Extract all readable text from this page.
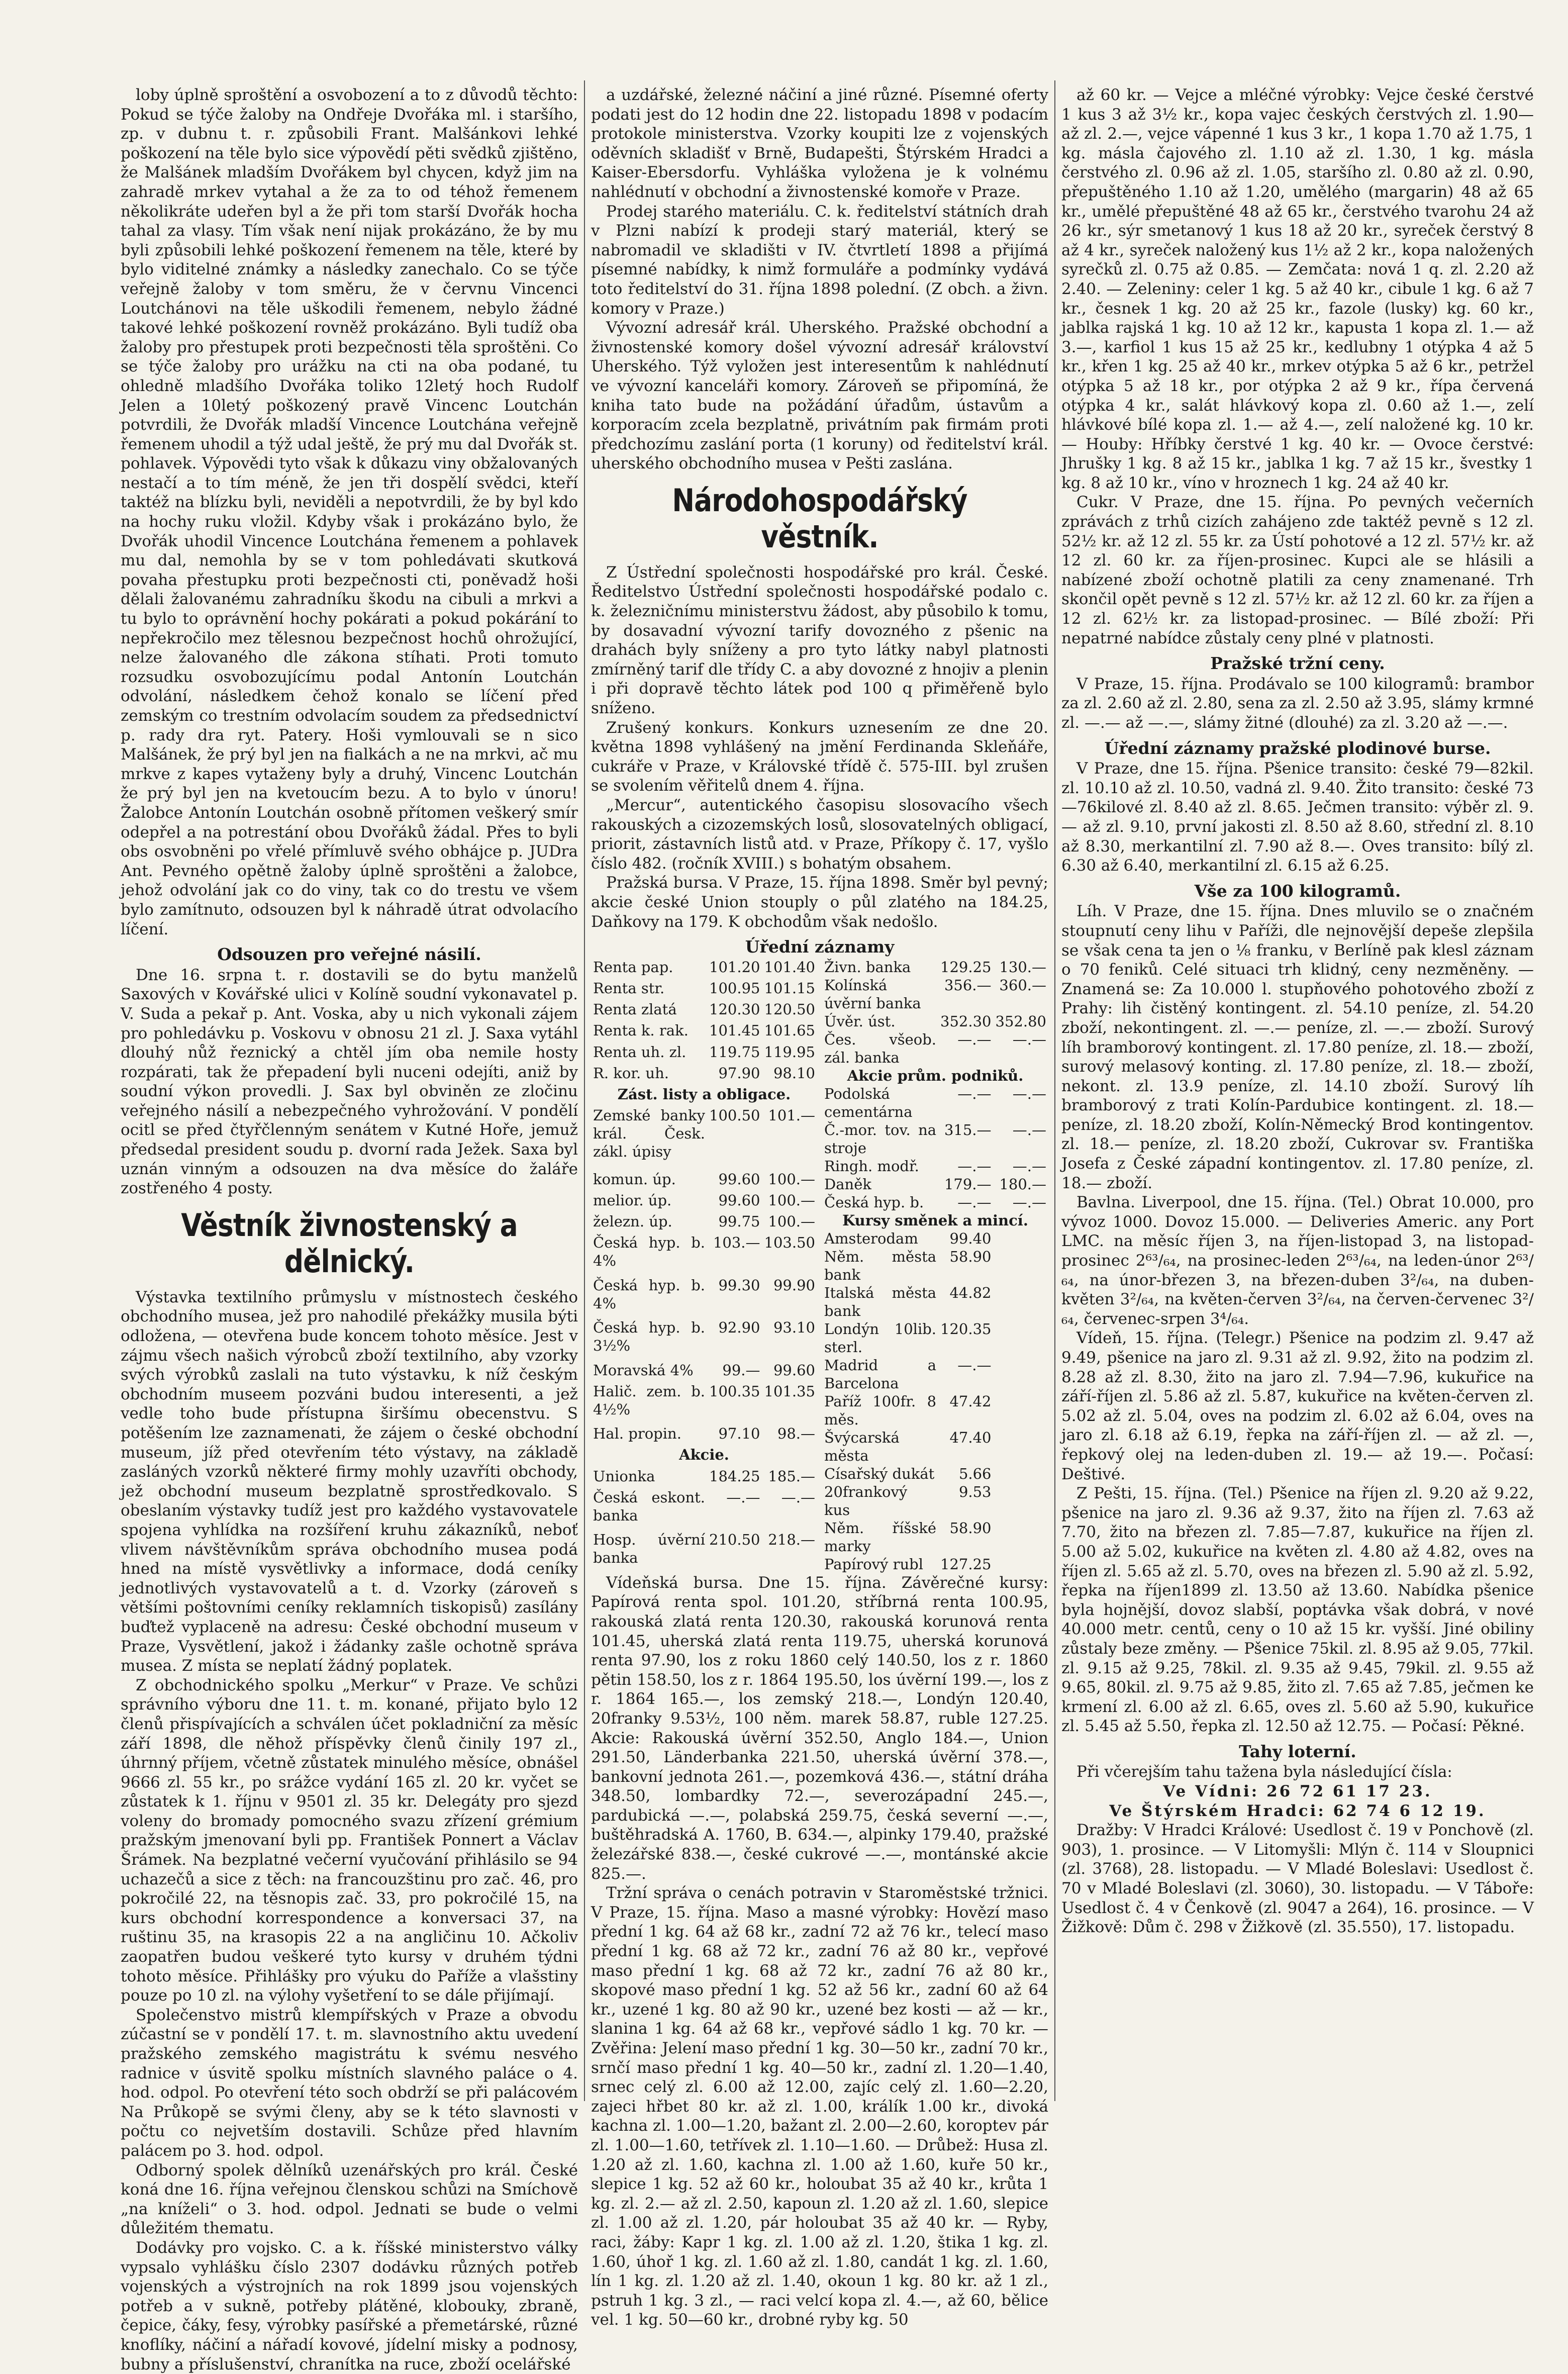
loby úplně sproštění a osvobození a to z důvodů těchto: Pokud se týče žaloby na Ondřeje Dvořáka ml. i staršího, zp. v dubnu t. r. způsobili Frant. Malšánkovi lehké poškození na těle bylo sice výpovědí pěti svědků zjištěno, že Malšánek mladším Dvořákem byl chycen, když jim na zahradě mrkev vytahal a že za to od téhož řemenem několikráte udeřen byl a že při tom starší Dvořák hocha tahal za vlasy. Tím však není nijak prokázáno, že by mu byli způsobili lehké poškození řemenem na těle, které by bylo viditelné známky a následky zanechalo. Co se týče veřejně žaloby v tom směru, že v červnu Vincenci Loutchánovi na těle uškodili řemenem, nebylo žádné takové lehké poškození rovněž prokázáno. Byli tudíž oba žaloby pro přestupek proti bezpečnosti těla sproštěni. Co se týče žaloby pro urážku na cti na oba podané, tu ohledně mladšího Dvořáka toliko 12letý hoch Rudolf Jelen a 10letý poškozený pravě Vincenc Loutchán potvrdili, že Dvořák mladší Vincence Loutchána veřejně řemenem uhodil a týž udal ještě, že prý mu dal Dvořák st. pohlavek. Výpovědi tyto však k důkazu viny obžalovaných nestačí a to tím méně, že jen tři dospělí svědci, kteří taktéž na blízku byli, neviděli a nepotvrdili, že by byl kdo na hochy ruku vložil. Kdyby však i prokázáno bylo, že Dvořák uhodil Vincence Loutchána řemenem a pohlavek mu dal, nemohla by se v tom pohledávati skutková povaha přestupku proti bezpečnosti cti, poněvadž hoši dělali žalovanému zahradníku škodu na cibuli a mrkvi a tu bylo to oprávnění hochy pokárati a pokud pokárání to nepřekročilo mez tělesnou bezpečnost hochů ohrožující, nelze žalovaného dle zákona stíhati. Proti tomuto rozsudku osvobozujícímu podal Antonín Loutchán odvolání, následkem čehož konalo se líčení před zemským co trestním odvolacím soudem za předsednictví p. rady dra ryt. Patery. Hoši vymlouvali se n sico Malšánek, že prý byl jen na fialkách a ne na mrkvi, ač mu mrkve z kapes vytaženy byly a druhý, Vincenc Loutchán že prý byl jen na kvetoucím bezu. A to bylo v únoru! Žalobce Antonín Loutchán osobně přítomen veškerý smír odepřel a na potrestání obou Dvořáků žádal. Přes to byli obs osvobněni po vřelé přímluvě svého obhájce p. JUDra Ant. Pevného opětně žaloby úplně sproštěni a žalobce, jehož odvolání jak co do viny, tak co do trestu ve všem bylo zamítnuto, odsouzen byl k náhradě útrat odvolacího líčení.

Odsouzen pro veřejné násilí.

Dne 16. srpna t. r. dostavili se do bytu manželů Saxových v Kovářské ulici v Kolíně soudní vykonavatel p. V. Suda a pekař p. Ant. Voska, aby u nich vykonali zájem pro pohledávku p. Voskovu v obnosu 21 zl. J. Saxa vytáhl dlouhý nůž řeznický a chtěl jím oba nemile hosty rozpárati, tak že přepadení byli nuceni odejíti, aniž by soudní výkon provedli. J. Sax byl obviněn ze zločinu veřejného násilí a nebezpečného vyhrožování. V pondělí ocitl se před čtyřčlenným senátem v Kutné Hoře, jemuž předsedal president soudu p. dvorní rada Ježek. Saxa byl uznán vinným a odsouzen na dva měsíce do žaláře zostřeného 4 posty.

Věstník živnostenský a dělnický.

Výstavka textilního průmyslu v místnostech českého obchodního musea, jež pro nahodilé překážky musila býti odložena, — otevřena bude koncem tohoto měsíce. Jest v zájmu všech našich výrobců zboží textilního, aby vzorky svých výrobků zaslali na tuto výstavku, k níž českým obchodním museem pozváni budou interesenti, a jež vedle toho bude přístupna širšímu obecenstvu. S potěšením lze zaznamenati, že zájem o české obchodní museum, jíž před otevřením této výstavy, na základě zasláných vzorků některé firmy mohly uzavříti obchody, jež obchodní museum bezplatně sprostředkovalo. S obeslaním výstavky tudíž jest pro každého vystavovatele spojena vyhlídka na rozšíření kruhu zákazníků, neboť vlivem návštěvníkům správa obchodního musea podá hned na místě vysvětlivky a informace, dodá ceníky jednotlivých vystavovatelů a t. d. Vzorky (zároveň s většími poštovními ceníky reklamních tiskopisů) zasílány buďtež vyplaceně na adresu: České obchodní museum v Praze, Vysvětlení, jakož i žádanky zašle ochotně správa musea. Z místa se neplatí žádný poplatek.

Z obchodnického spolku „Merkur“ v Praze. Ve schůzi správního výboru dne 11. t. m. konané, přijato bylo 12 členů přispívajících a schválen účet pokladniční za měsíc září 1898, dle něhož příspěvky členů činily 197 zl., úhrnný příjem, včetně zůstatek minulého měsíce, obnášel 9666 zl. 55 kr., po srážce vydání 165 zl. 20 kr. vyčet se zůstatek k 1. říjnu v 9501 zl. 35 kr. Delegáty pro sjezd voleny do bromady pomocného svazu zřízení grémium pražským jmenovaní byli pp. František Ponnert a Václav Šrámek. Na bezplatné večerní vyučování přihlásilo se 94 uchazečů a sice z těch: na francouzštinu pro zač. 46, pro pokročilé 22, na těsnopis zač. 33, pro pokročilé 15, na kurs obchodní korrespondence a konversaci 37, na ruštinu 35, na krasopis 22 a na angličinu 10. Ačkoliv zaopatřen budou veškeré tyto kursy v druhém týdni tohoto měsíce. Přihlášky pro výuku do Paříže a vlašstiny pouze po 10 zl. na výlohy vyšetření to se dále přijímají.

Společenstvo mistrů klempířských v Praze a obvodu zúčastní se v pondělí 17. t. m. slavnostního aktu uvedení pražského zemského magistrátu k svému nesvého radnice v úsvitě spolku místních slavného paláce o 4. hod. odpol. Po otevření této soch obdrží se při palácovém Na Průkopě se svými členy, aby se k této slavnosti v počtu co nejvetším dostavili. Schůze před hlavním palácem po 3. hod. odpol.

Odborný spolek dělníků uzenářských pro král. České koná dne 16. října veřejnou členskou schůzi na Smíchově „na kníželi“ o 3. hod. odpol. Jednati se bude o velmi důležitém thematu.

Dodávky pro vojsko. C. a k. říšské ministerstvo války vypsalo vyhlášku číslo 2307 dodávku různých potřeb vojenských a výstrojních na rok 1899 jsou vojenských potřeb a v sukně, potřeby plátěné, klobouky, zbraně, čepice, čáky, fesy, výrobky pasířské a přemetárské, různé knoflíky, náčiní a nářadí kovové, jídelní misky a podnosy, bubny a příslušenství, chranítka na ruce, zboží ocelářské

a uzdářské, železné náčiní a jiné různé. Písemné oferty podati jest do 12 hodin dne 22. listopadu 1898 v podacím protokole ministerstva. Vzorky koupiti lze z vojenských oděvních skladišť v Brně, Budapešti, Štýrském Hradci a Kaiser-Ebersdorfu. Vyhláška vyložena je k volnému nahlédnutí v obchodní a živnostenské komoře v Praze.

Prodej starého materiálu. C. k. ředitelství státních drah v Plzni nabízí k prodeji starý materiál, který se nabromadil ve skladišti v IV. čtvrtletí 1898 a přijímá písemné nabídky, k nimž formuláře a podmínky vydává toto ředitelství do 31. října 1898 polední. (Z obch. a živn. komory v Praze.)

Vývozní adresář král. Uherského. Pražské obchodní a živnostenské komory došel vývozní adresář království Uherského. Týž vyložen jest interesentům k nahlédnutí ve vývozní kanceláři komory. Zároveň se připomíná, že kniha tato bude na požádání úřadům, ústavům a korporacím zcela bezplatně, privátním pak firmám proti předchozímu zaslání porta (1 koruny) od ředitelství král. uherského obchodního musea v Pešti zaslána.

Národohospodářský věstník.

Z Ústřední společnosti hospodářské pro král. České. Ředitelstvo Ústřední společnosti hospodářské podalo c. k. železničnímu ministerstvu žádost, aby působilo k tomu, by dosavadní vývozní tarify dovozného z pšenic na drahách byly sníženy a pro tyto látky nabyl platnosti zmírněný tarif dle třídy C. a aby dovozné z hnojiv a plenin i při dopravě těchto látek pod 100 q přiměřeně bylo sníženo.

Zrušený konkurs. Konkurs uznesením ze dne 20. května 1898 vyhlášený na jmění Ferdinanda Skleňáře, cukráře v Praze, v Královské třídě č. 575-III. byl zrušen se svolením věřitelů dnem 4. října.

„Mercur“, autentického časopisu slosovacího všech rakouských a cizozemských losů, slosovatelných obligací, priorit, zástavních listů atd. v Praze, Příkopy č. 17, vyšlo číslo 482. (ročník XVIII.) s bohatým obsahem.

Pražská bursa. V Praze, 15. října 1898. Směr byl pevný; akcie české Union stouply o půl zlatého na 184.25, Daňkovy na 179. K obchodům však nedošlo.

Úřední záznamy
Renta pap.	101.20	101.40
Renta str.	100.95	101.15
Renta zlatá	120.30	120.50
Renta k. rak.	101.45	101.65
Renta uh. zl.	119.75	119.95
R. kor. uh.	97.90	98.10
Zást. listy a obligace.		
Zemské banky král. Česk. zákl. úpisy	100.50	101.—
komun. úp.	99.60	100.—
melior. úp.	99.60	100.—
železn. úp.	99.75	100.—
Česká hyp. b. 4%	103.—	103.50
Česká hyp. b. 4%	99.30	99.90
Česká hyp. b. 3½%	92.90	93.10
Moravská 4%	99.—	99.60
Halič. zem. b. 4½%	100.35	101.35
Hal. propin.	97.10	98.—
Akcie.		
Unionka	184.25	185.—
Česká eskont. banka	—.—	—.—
Hosp. úvěrní banka	210.50	218.—
Živn. banka	129.25	130.—
Kolínská úvěrní banka	356.—	360.—
Úvěr. úst.	352.30	352.80
Čes. všeob. zál. banka	—.—	—.—
Akcie prům. podniků.		
Podolská cementárna	—.—	—.—
Č.-mor. tov. na stroje	315.—	—.—
Ringh. modř.	—.—	—.—
Daněk	179.—	180.—
Česká hyp. b.	—.—	—.—
Kursy směnek a mincí.		
Amsterodam	99.40	
Něm. města bank	58.90	
Italská města bank	44.82	
Londýn 10lib. sterl.	120.35	
Madrid a Barcelona	—.—	
Paříž 100fr. 8 měs.	47.42	
Švýcarská města	47.40	
Císařský dukát	5.66	
20frankový kus	9.53	
Něm. říšské marky	58.90	
Papírový rubl	127.25	

Vídeňská bursa. Dne 15. října. Závěrečné kursy: Papírová renta spol. 101.20, stříbrná renta 100.95, rakouská zlatá renta 120.30, rakouská korunová renta 101.45, uherská zlatá renta 119.75, uherská korunová renta 97.90, los z roku 1860 celý 140.50, los z r. 1860 pětin 158.50, los z r. 1864 195.50, los úvěrní 199.—, los z r. 1864 165.—, los zemský 218.—, Londýn 120.40, 20franky 9.53½, 100 něm. marek 58.87, ruble 127.25. Akcie: Rakouská úvěrní 352.50, Anglo 184.—, Union 291.50, Länderbanka 221.50, uherská úvěrní 378.—, bankovní jednota 261.—, pozemková 436.—, státní dráha 348.50, lombardky 72.—, severozápadní 245.—, pardubická —.—, polabská 259.75, česká severní —.—, buštěhradská A. 1760, B. 634.—, alpinky 179.40, pražské železářské 838.—, české cukrové —.—, montánské akcie 825.—.

Tržní správa o cenách potravin v Staroměstské tržnici. V Praze, 15. října. Maso a masné výrobky: Hovězí maso přední 1 kg. 64 až 68 kr., zadní 72 až 76 kr., telecí maso přední 1 kg. 68 až 72 kr., zadní 76 až 80 kr., vepřové maso přední 1 kg. 68 až 72 kr., zadní 76 až 80 kr., skopové maso přední 1 kg. 52 až 56 kr., zadní 60 až 64 kr., uzené 1 kg. 80 až 90 kr., uzené bez kosti — až — kr., slanina 1 kg. 64 až 68 kr., vepřové sádlo 1 kg. 70 kr. — Zvěřina: Jelení maso přední 1 kg. 30—50 kr., zadní 70 kr., srnčí maso přední 1 kg. 40—50 kr., zadní zl. 1.20—1.40, srnec celý zl. 6.00 až 12.00, zajíc celý zl. 1.60—2.20, zajeci hřbet 80 kr. až zl. 1.00, králík 1.00 kr., divoká kachna zl. 1.00—1.20, bažant zl. 2.00—2.60, koroptev pár zl. 1.00—1.60, tetřívek zl. 1.10—1.60. — Drůbež: Husa zl. 1.20 až zl. 1.60, kachna zl. 1.00 až 1.60, kuře 50 kr., slepice 1 kg. 52 až 60 kr., holoubat 35 až 40 kr., krůta 1 kg. zl. 2.— až zl. 2.50, kapoun zl. 1.20 až zl. 1.60, slepice zl. 1.00 až zl. 1.20, pár holoubat 35 až 40 kr. — Ryby, raci, žáby: Kapr 1 kg. zl. 1.00 až zl. 1.20, štika 1 kg. zl. 1.60, úhoř 1 kg. zl. 1.60 až zl. 1.80, candát 1 kg. zl. 1.60, lín 1 kg. zl. 1.20 až zl. 1.40, okoun 1 kg. 80 kr. až 1 zl., pstruh 1 kg. 3 zl., — raci velcí kopa zl. 4.—, až 60, bělice vel. 1 kg. 50—60 kr., drobné ryby kg. 50

až 60 kr. — Vejce a mléčné výrobky: Vejce české čerstvé 1 kus 3 až 3½ kr., kopa vajec českých čerstvých zl. 1.90— až zl. 2.—, vejce vápenné 1 kus 3 kr., 1 kopa 1.70 až 1.75, 1 kg. másla čajového zl. 1.10 až zl. 1.30, 1 kg. másla čerstvého zl. 0.96 až zl. 1.05, staršího zl. 0.80 až zl. 0.90, přepuštěného 1.10 až 1.20, umělého (margarin) 48 až 65 kr., umělé přepuštěné 48 až 65 kr., čerstvého tvarohu 24 až 26 kr., sýr smetanový 1 kus 18 až 20 kr., syreček čerstvý 8 až 4 kr., syreček naložený kus 1½ až 2 kr., kopa naložených syrečků zl. 0.75 až 0.85. — Zemčata: nová 1 q. zl. 2.20 až 2.40. — Zeleniny: celer 1 kg. 5 až 40 kr., cibule 1 kg. 6 až 7 kr., česnek 1 kg. 20 až 25 kr., fazole (lusky) kg. 60 kr., jablka rajská 1 kg. 10 až 12 kr., kapusta 1 kopa zl. 1.— až 3.—, karfiol 1 kus 15 až 25 kr., kedlubny 1 otýpka 4 až 5 kr., křen 1 kg. 25 až 40 kr., mrkev otýpka 5 až 6 kr., petržel otýpka 5 až 18 kr., por otýpka 2 až 9 kr., řípa červená otýpka 4 kr., salát hlávkový kopa zl. 0.60 až 1.—, zelí hlávkové bílé kopa zl. 1.— až 4.—, zelí naložené kg. 10 kr. — Houby: Hříbky čerstvé 1 kg. 40 kr. — Ovoce čerstvé: Jhrušky 1 kg. 8 až 15 kr., jablka 1 kg. 7 až 15 kr., švestky 1 kg. 8 až 10 kr., víno v hroznech 1 kg. 24 až 40 kr.

Cukr. V Praze, dne 15. října. Po pevných večerních zprávách z trhů cizích zahájeno zde taktéž pevně s 12 zl. 52½ kr. až 12 zl. 55 kr. za Ústí pohotové a 12 zl. 57½ kr. až 12 zl. 60 kr. za říjen-prosinec. Kupci ale se hlásili a nabízené zboží ochotně platili za ceny znamenané. Trh skončil opět pevně s 12 zl. 57½ kr. až 12 zl. 60 kr. za říjen a 12 zl. 62½ kr. za listopad-prosinec. — Bílé zboží: Při nepatrné nabídce zůstaly ceny plné v platnosti.

Pražské tržní ceny.

V Praze, 15. října. Prodávalo se 100 kilogramů: brambor za zl. 2.60 až zl. 2.80, sena za zl. 2.50 až 3.95, slámy krmné zl. —.— až —.—, slámy žitné (dlouhé) za zl. 3.20 až —.—.

Úřední záznamy pražské plodinové burse.

V Praze, dne 15. října. Pšenice transito: české 79—82kil. zl. 10.10 až zl. 10.50, vadná zl. 9.40. Žito transito: české 73—76kilové zl. 8.40 až zl. 8.65. Ječmen transito: výběr zl. 9.— až zl. 9.10, první jakosti zl. 8.50 až 8.60, střední zl. 8.10 až 8.30, merkantilní zl. 7.90 až 8.—. Oves transito: bílý zl. 6.30 až 6.40, merkantilní zl. 6.15 až 6.25.

Vše za 100 kilogramů.

Líh. V Praze, dne 15. října. Dnes mluvilo se o značném stoupnutí ceny lihu v Paříži, dle nejnovější depeše zlepšila se však cena ta jen o ⅛ franku, v Berlíně pak klesl záznam o 70 feniků. Celé situaci trh klidný, ceny nezměněny. — Znamená se: Za 10.000 l. stupňového pohotového zboží z Prahy: lih čistěný kontingent. zl. 54.10 peníze, zl. 54.20 zboží, nekontingent. zl. —.— peníze, zl. —.— zboží. Surový líh bramborový kontingent. zl. 17.80 peníze, zl. 18.— zboží, surový melasový konting. zl. 17.80 peníze, zl. 18.— zboží, nekont. zl. 13.9 peníze, zl. 14.10 zboží. Surový líh bramborový z trati Kolín-Pardubice kontingent. zl. 18.— peníze, zl. 18.20 zboží, Kolín-Německý Brod kontingentov. zl. 18.— peníze, zl. 18.20 zboží, Cukrovar sv. Františka Josefa z České západní kontingentov. zl. 17.80 peníze, zl. 18.— zboží.

Bavlna. Liverpool, dne 15. října. (Tel.) Obrat 10.000, pro vývoz 1000. Dovoz 15.000. — Deliveries Americ. any Port LMC. na měsíc říjen 3, na říjen-listopad 3, na listopad-prosinec 2⁶³/₆₄, na prosinec-leden 2⁶³/₆₄, na leden-únor 2⁶³/₆₄, na únor-březen 3, na březen-duben 3²/₆₄, na duben-květen 3²/₆₄, na květen-červen 3²/₆₄, na červen-červenec 3²/₆₄, červenec-srpen 3⁴/₆₄.

Vídeň, 15. října. (Telegr.) Pšenice na podzim zl. 9.47 až 9.49, pšenice na jaro zl. 9.31 až zl. 9.92, žito na podzim zl. 8.28 až zl. 8.30, žito na jaro zl. 7.94—7.96, kukuřice na září-říjen zl. 5.86 až zl. 5.87, kukuřice na květen-červen zl. 5.02 až zl. 5.04, oves na podzim zl. 6.02 až 6.04, oves na jaro zl. 6.18 až 6.19, řepka na září-říjen zl. — až zl. —, řepkový olej na leden-duben zl. 19.— až 19.—. Počasí: Deštivé.

Z Pešti, 15. října. (Tel.) Pšenice na říjen zl. 9.20 až 9.22, pšenice na jaro zl. 9.36 až 9.37, žito na říjen zl. 7.63 až 7.70, žito na březen zl. 7.85—7.87, kukuřice na říjen zl. 5.00 až 5.02, kukuřice na květen zl. 4.80 až 4.82, oves na říjen zl. 5.65 až zl. 5.70, oves na březen zl. 5.90 až zl. 5.92, řepka na říjen1899 zl. 13.50 až 13.60. Nabídka pšenice byla hojnější, dovoz slabší, poptávka však dobrá, v nové 40.000 metr. centů, ceny o 10 až 15 kr. vyšší. Jiné obiliny zůstaly beze změny. — Pšenice 75kil. zl. 8.95 až 9.05, 77kil. zl. 9.15 až 9.25, 78kil. zl. 9.35 až 9.45, 79kil. zl. 9.55 až 9.65, 80kil. zl. 9.75 až 9.85, žito zl. 7.65 až 7.85, ječmen ke krmení zl. 6.00 až zl. 6.65, oves zl. 5.60 až 5.90, kukuřice zl. 5.45 až 5.50, řepka zl. 12.50 až 12.75. — Počasí: Pěkné.

Tahy loterní.

Při včerejším tahu tažena byla následující čísla:

Ve Vídni: 26 72 61 17 23.
Ve Štýrském Hradci: 62 74 6 12 19.

Dražby: V Hradci Králové: Usedlost č. 19 v Ponchově (zl. 903), 1. prosince. — V Litomyšli: Mlýn č. 114 v Sloupnici (zl. 3768), 28. listopadu. — V Mladé Boleslavi: Usedlost č. 70 v Mladé Boleslavi (zl. 3060), 30. listopadu. — V Táboře: Usedlost č. 4 v Čenkově (zl. 9047 a 264), 16. prosince. — V Žižkově: Dům č. 298 v Žižkově (zl. 35.550), 17. listopadu.
